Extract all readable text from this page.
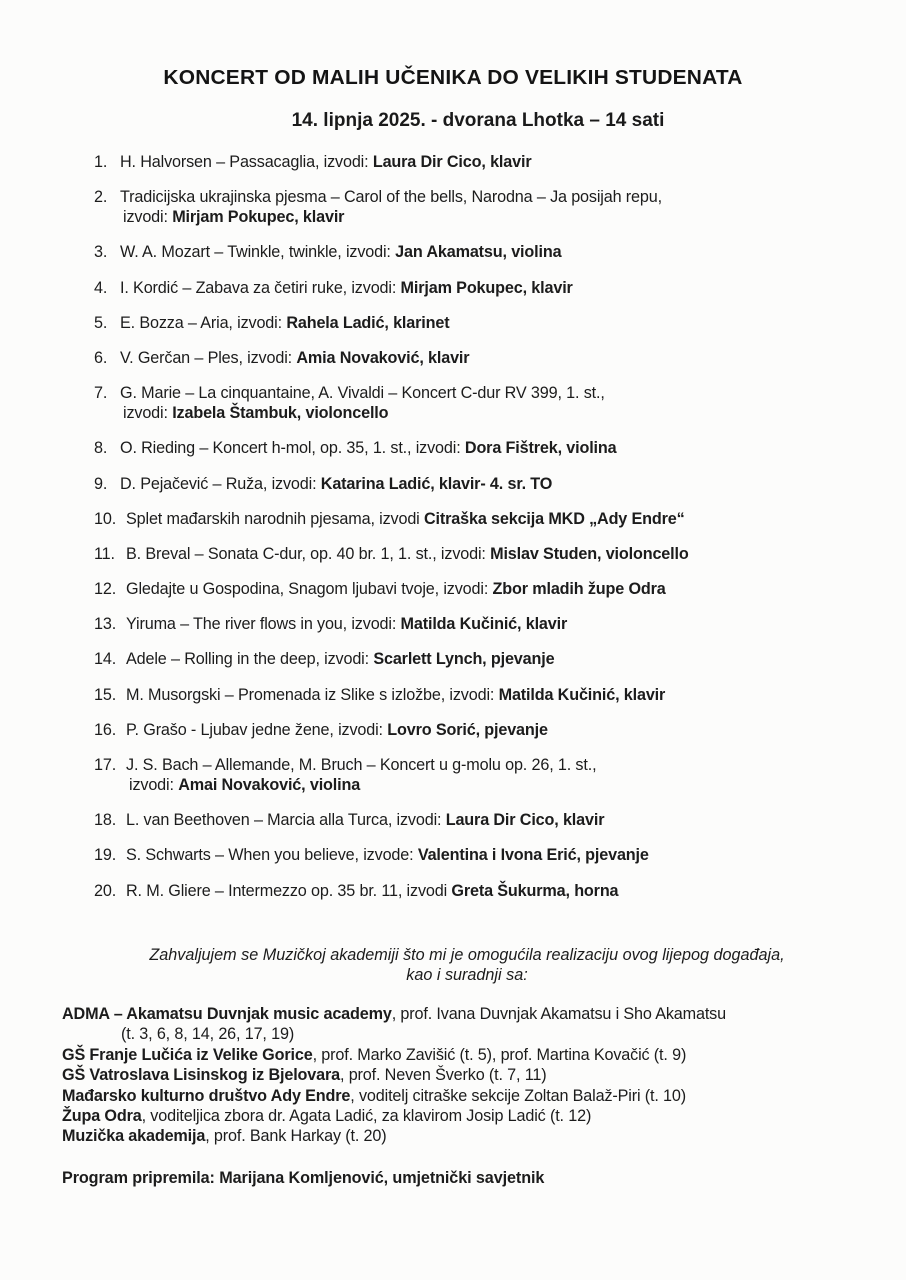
KONCERT OD MALIH UČENIKA DO VELIKIH STUDENATA
14. lipnja 2025. - dvorana Lhotka – 14 sati
1. H. Halvorsen – Passacaglia, izvodi: Laura Dir Cico, klavir
2. Tradicijska ukrajinska pjesma – Carol of the bells, Narodna – Ja posijah repu,
izvodi: Mirjam Pokupec, klavir
3. W. A. Mozart – Twinkle, twinkle, izvodi: Jan Akamatsu, violina
4. I. Kordić – Zabava za četiri ruke, izvodi: Mirjam Pokupec, klavir
5. E. Bozza – Aria, izvodi: Rahela Ladić, klarinet
6. V. Gerčan – Ples, izvodi: Amia Novaković, klavir
7. G. Marie – La cinquantaine, A. Vivaldi – Koncert C-dur RV 399, 1. st.,
izvodi: Izabela Štambuk, violoncello
8. O. Rieding – Koncert h-mol, op. 35, 1. st., izvodi: Dora Fištrek, violina
9. D. Pejačević – Ruža, izvodi: Katarina Ladić, klavir- 4. sr. TO
10. Splet mađarskih narodnih pjesama, izvodi Citraška sekcija MKD „Ady Endre“
11. B. Breval – Sonata C-dur, op. 40 br. 1, 1. st., izvodi: Mislav Studen, violoncello
12. Gledajte u Gospodina, Snagom ljubavi tvoje, izvodi: Zbor mladih župe Odra
13. Yiruma – The river flows in you, izvodi: Matilda Kučinić, klavir
14. Adele – Rolling in the deep, izvodi: Scarlett Lynch, pjevanje
15. M. Musorgski – Promenada iz Slike s izložbe, izvodi: Matilda Kučinić, klavir
16. P. Grašo - Ljubav jedne žene, izvodi: Lovro Sorić, pjevanje
17. J. S. Bach – Allemande, M. Bruch – Koncert u g-molu op. 26, 1. st.,
izvodi: Amai Novaković, violina
18. L. van Beethoven – Marcia alla Turca, izvodi: Laura Dir Cico, klavir
19. S. Schwarts – When you believe, izvode: Valentina i Ivona Erić, pjevanje
20. R. M. Gliere – Intermezzo op. 35 br. 11, izvodi Greta Šukurma, horna
Zahvaljujem se Muzičkoj akademiji što mi je omogućila realizaciju ovog lijepog događaja,
kao i suradnji sa:
ADMA – Akamatsu Duvnjak music academy, prof. Ivana Duvnjak Akamatsu i Sho Akamatsu
(t. 3, 6, 8, 14, 26, 17, 19)
GŠ Franje Lučića iz Velike Gorice, prof. Marko Zavišić (t. 5), prof. Martina Kovačić (t. 9)
GŠ Vatroslava Lisinskog iz Bjelovara, prof. Neven Šverko (t. 7, 11)
Mađarsko kulturno društvo Ady Endre, voditelj citraške sekcije Zoltan Balaž-Piri (t. 10)
Župa Odra, voditeljica zbora dr. Agata Ladić, za klavirom Josip Ladić (t. 12)
Muzička akademija, prof. Bank Harkay (t. 20)
Program pripremila: Marijana Komljenović, umjetnički savjetnik
